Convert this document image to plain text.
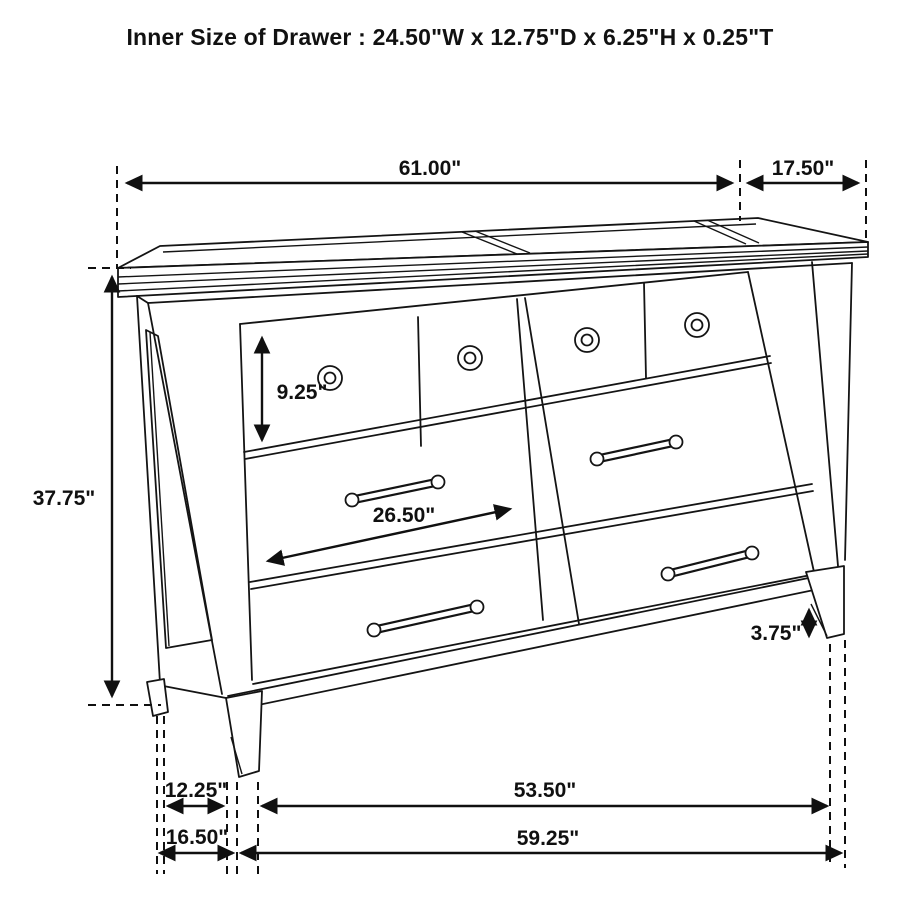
Inner Size of Drawer : 24.50"W x 12.75"D x 6.25"H x 0.25"T
61.00"	17.50"
37.75"
9.25"
26.50"
3.75"
12.25"
16.50"
53.50"
59.25"
